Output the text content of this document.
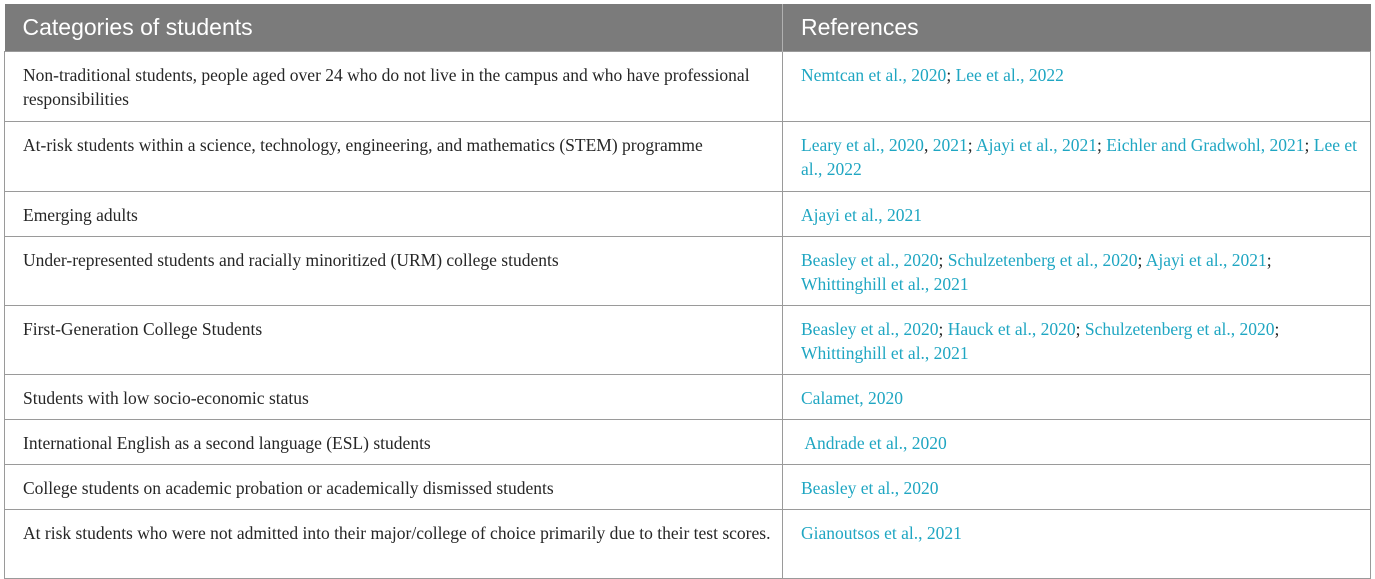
Categories of students	References
Non-traditional students, people aged over 24 who do not live in the campus and who have professional responsibilities	Nemtcan et al., 2020; Lee et al., 2022
At-risk students within a science, technology, engineering, and mathematics (STEM) programme	Leary et al., 2020, 2021; Ajayi et al., 2021; Eichler and Gradwohl, 2021; Lee et al., 2022
Emerging adults	Ajayi et al., 2021
Under-represented students and racially minoritized (URM) college students	Beasley et al., 2020; Schulzetenberg et al., 2020; Ajayi et al., 2021; Whittinghill et al., 2021
First-Generation College Students	Beasley et al., 2020; Hauck et al., 2020; Schulzetenberg et al., 2020; Whittinghill et al., 2021
Students with low socio-economic status	Calamet, 2020
International English as a second language (ESL) students	Andrade et al., 2020
College students on academic probation or academically dismissed students	Beasley et al., 2020
At risk students who were not admitted into their major/college of choice primarily due to their test scores.	Gianoutsos et al., 2021
